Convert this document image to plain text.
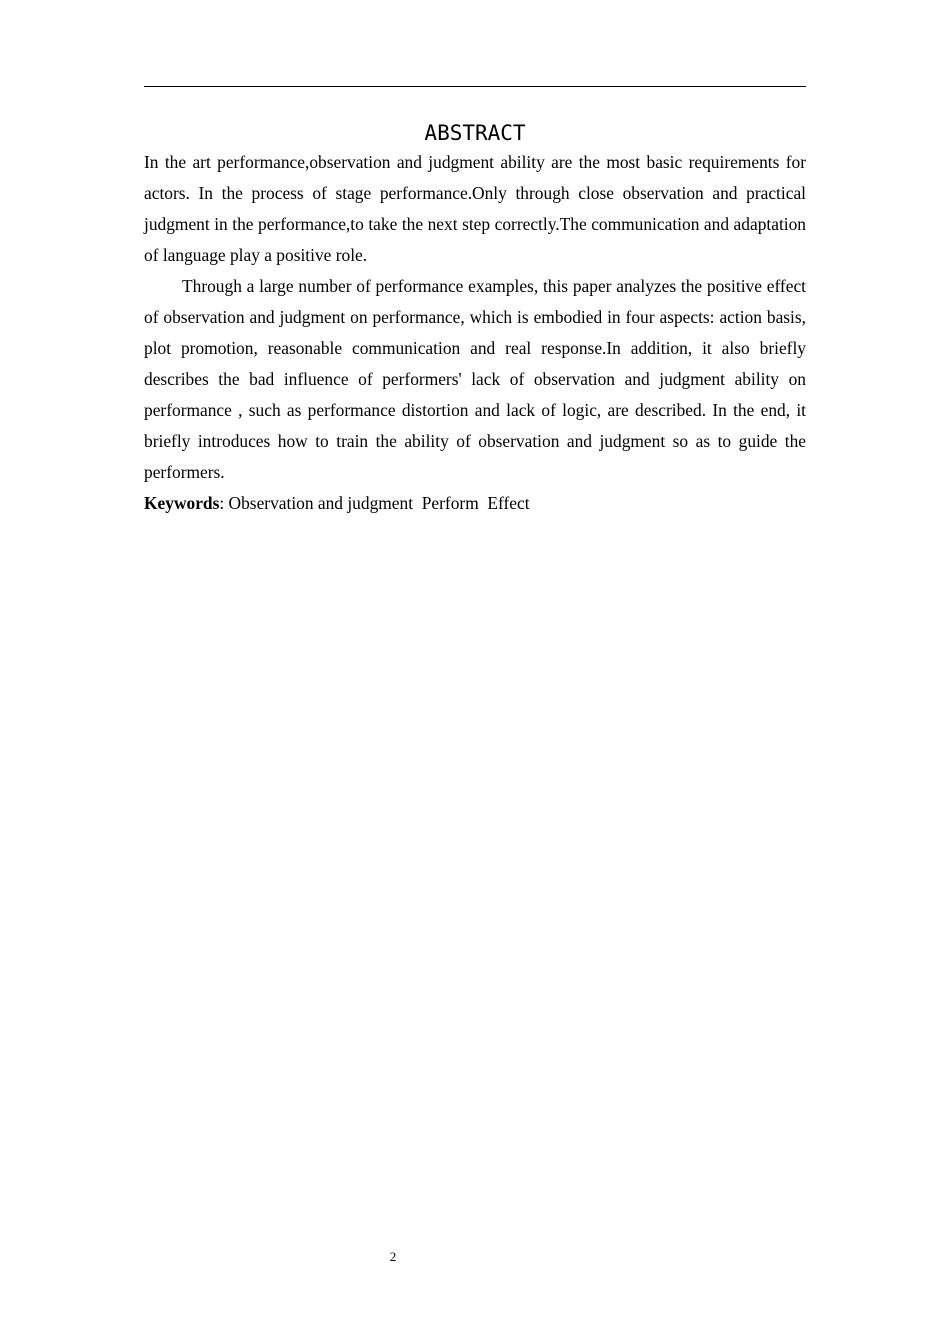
ABSTRACT

In the art performance,observation and judgment ability are the most basic requirements for actors. In the process of stage performance.Only through close observation and practical judgment in the performance,to take the next step correctly.The communication and adaptation of language play a positive role.

Through a large number of performance examples, this paper analyzes the positive effect of observation and judgment on performance, which is embodied in four aspects: action basis, plot promotion, reasonable communication and real response.In addition, it also briefly describes the bad influence of performers' lack of observation and judgment ability on performance , such as performance distortion and lack of logic, are described. In the end, it briefly introduces how to train the ability of observation and judgment so as to guide the performers.

Keywords: Observation and judgment  Perform  Effect

2
